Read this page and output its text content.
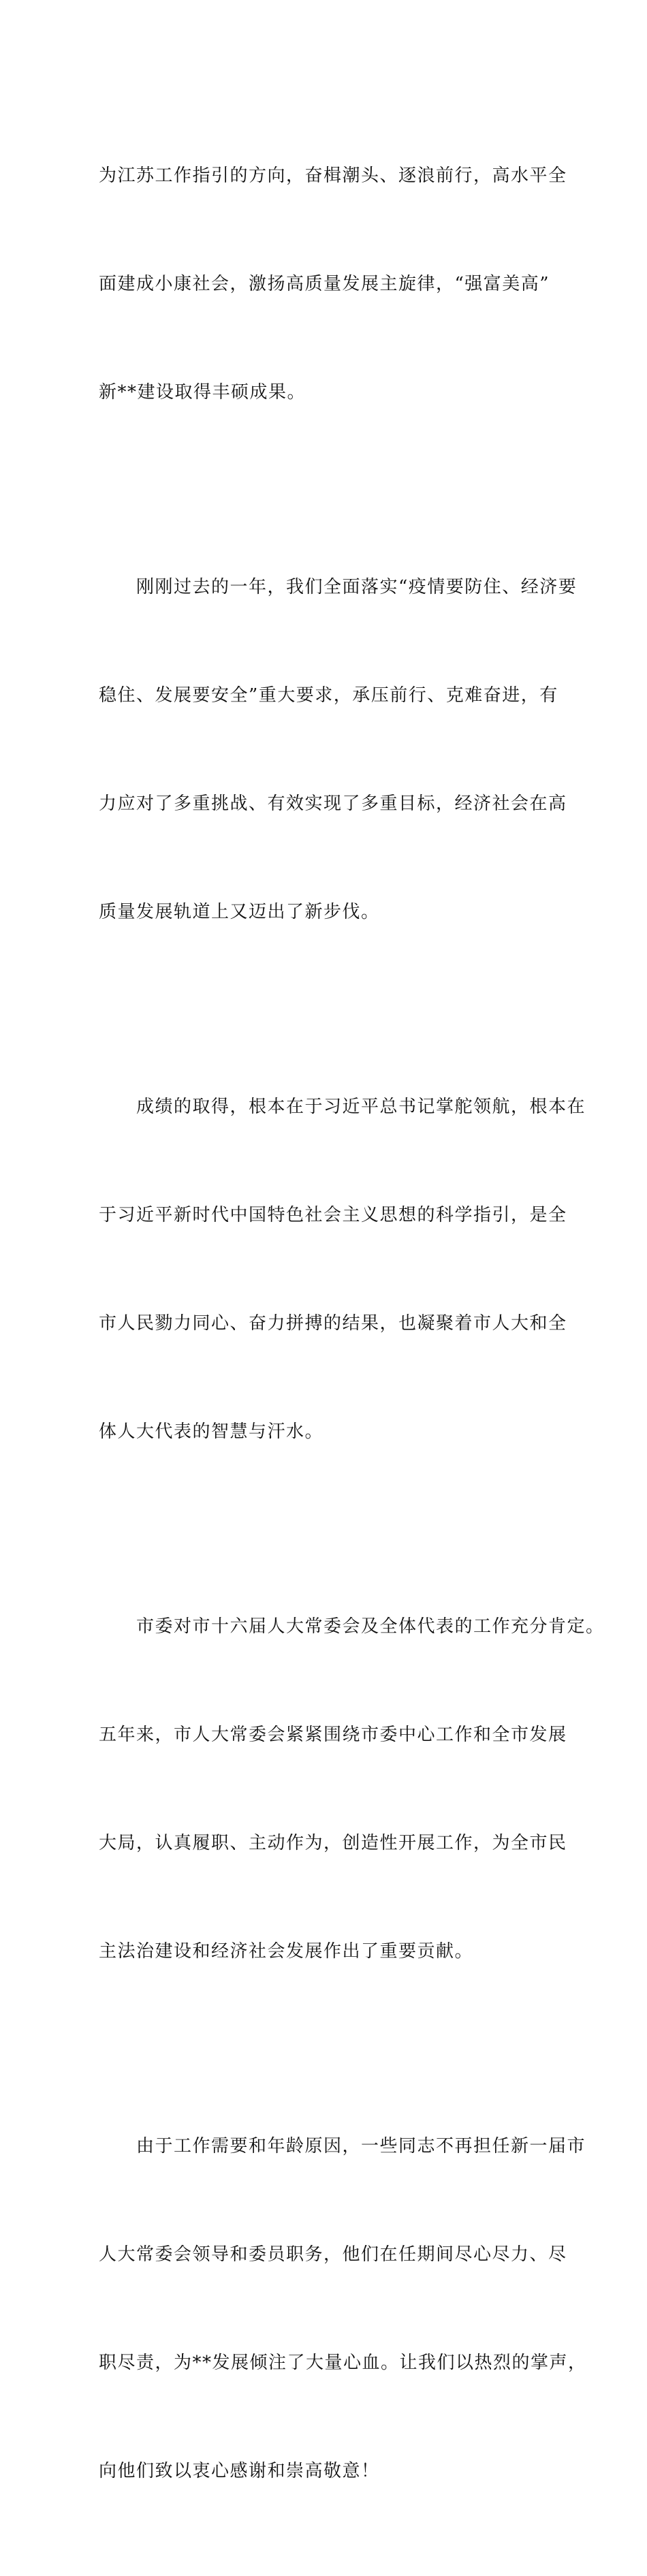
为江苏工作指引的方向，奋楫潮头、逐浪前行，高水平全

面建成小康社会，激扬高质量发展主旋律，“强富美高”

新**建设取得丰硕成果。

　　刚刚过去的一年，我们全面落实“疫情要防住、经济要

稳住、发展要安全”重大要求，承压前行、克难奋进，有

力应对了多重挑战、有效实现了多重目标，经济社会在高

质量发展轨道上又迈出了新步伐。

　　成绩的取得，根本在于习近平总书记掌舵领航，根本在

于习近平新时代中国特色社会主义思想的科学指引，是全

市人民勠力同心、奋力拼搏的结果，也凝聚着市人大和全

体人大代表的智慧与汗水。

　　市委对市十六届人大常委会及全体代表的工作充分肯定。

五年来，市人大常委会紧紧围绕市委中心工作和全市发展

大局，认真履职、主动作为，创造性开展工作，为全市民

主法治建设和经济社会发展作出了重要贡献。

　　由于工作需要和年龄原因，一些同志不再担任新一届市

人大常委会领导和委员职务，他们在任期间尽心尽力、尽

职尽责，为**发展倾注了大量心血。让我们以热烈的掌声，

向他们致以衷心感谢和崇高敬意！
